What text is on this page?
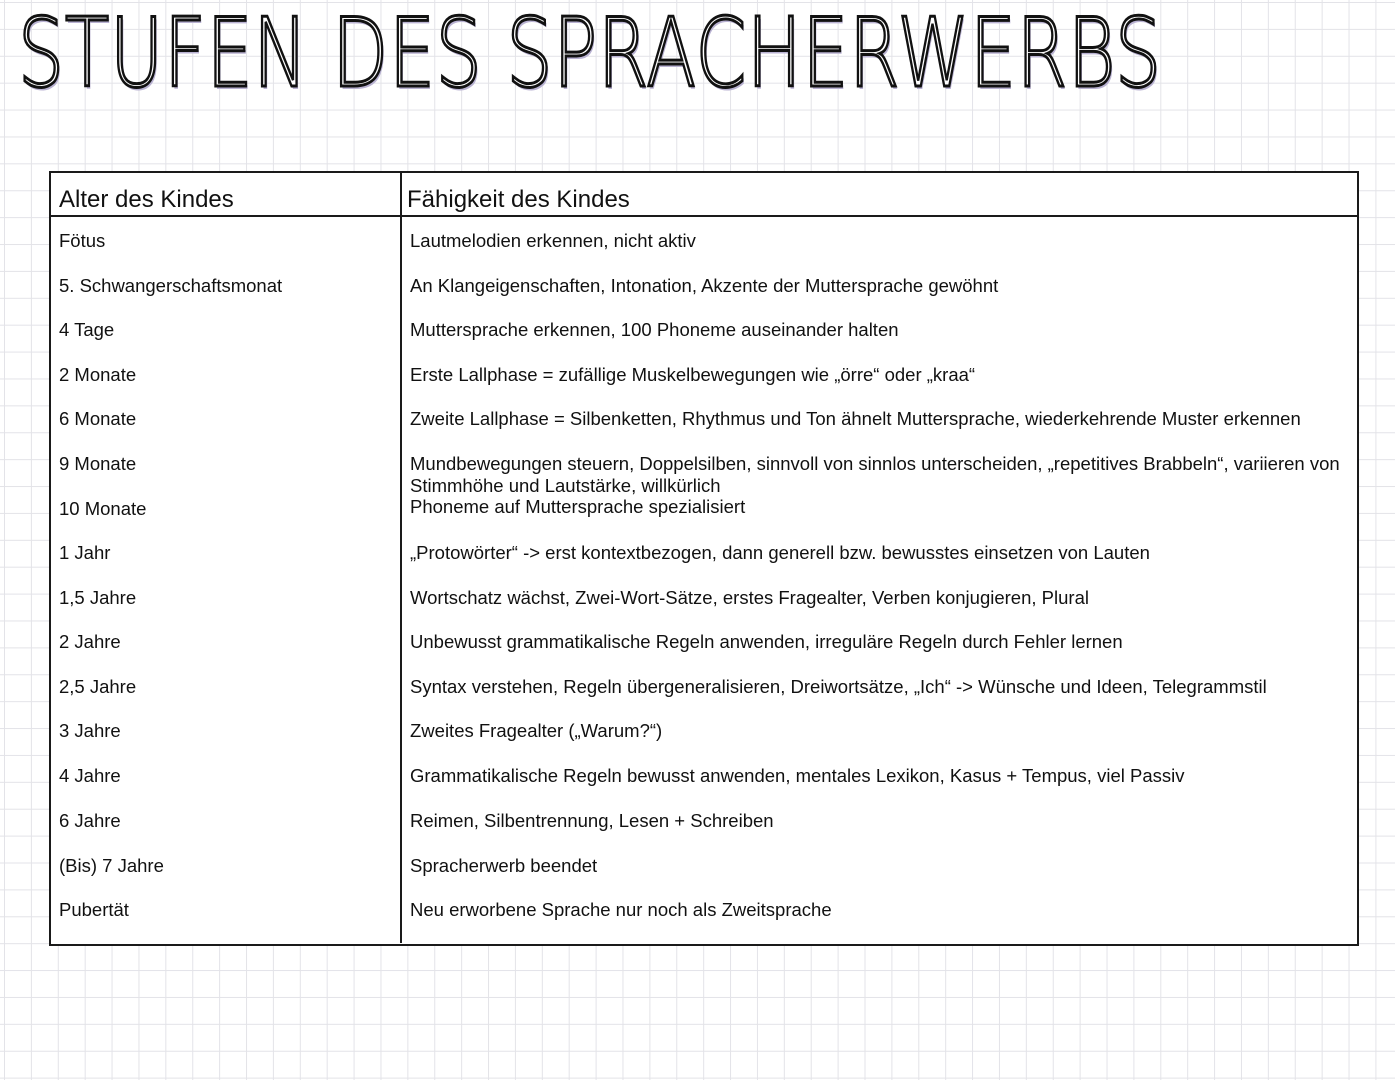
STUFEN DES SPRACHERWERBS
Alter des Kindes	Fähigkeit des Kindes
Fötus	Lautmelodien erkennen, nicht aktiv
5. Schwangerschaftsmonat	An Klangeigenschaften, Intonation, Akzente der Muttersprache gewöhnt
4 Tage	Muttersprache erkennen, 100 Phoneme auseinander halten
2 Monate	Erste Lallphase = zufällige Muskelbewegungen wie „örre“ oder „kraa“
6 Monate	Zweite Lallphase = Silbenketten, Rhythmus und Ton ähnelt Muttersprache, wiederkehrende Muster erkennen
9 Monate	Mundbewegungen steuern, Doppelsilben, sinnvoll von sinnlos unterscheiden, „repetitives Brabbeln“, variieren von Stimmhöhe und Lautstärke, willkürlich
10 Monate	Phoneme auf Muttersprache spezialisiert
1 Jahr	„Protowörter“ -> erst kontextbezogen, dann generell bzw. bewusstes einsetzen von Lauten
1,5 Jahre	Wortschatz wächst, Zwei-Wort-Sätze, erstes Fragealter, Verben konjugieren, Plural
2 Jahre	Unbewusst grammatikalische Regeln anwenden, irreguläre Regeln durch Fehler lernen
2,5 Jahre	Syntax verstehen, Regeln übergeneralisieren, Dreiwortsätze, „Ich“ -> Wünsche und Ideen, Telegrammstil
3 Jahre	Zweites Fragealter („Warum?“)
4 Jahre	Grammatikalische Regeln bewusst anwenden, mentales Lexikon, Kasus + Tempus, viel Passiv
6 Jahre	Reimen, Silbentrennung, Lesen + Schreiben
(Bis) 7 Jahre	Spracherwerb beendet
Pubertät	Neu erworbene Sprache nur noch als Zweitsprache
